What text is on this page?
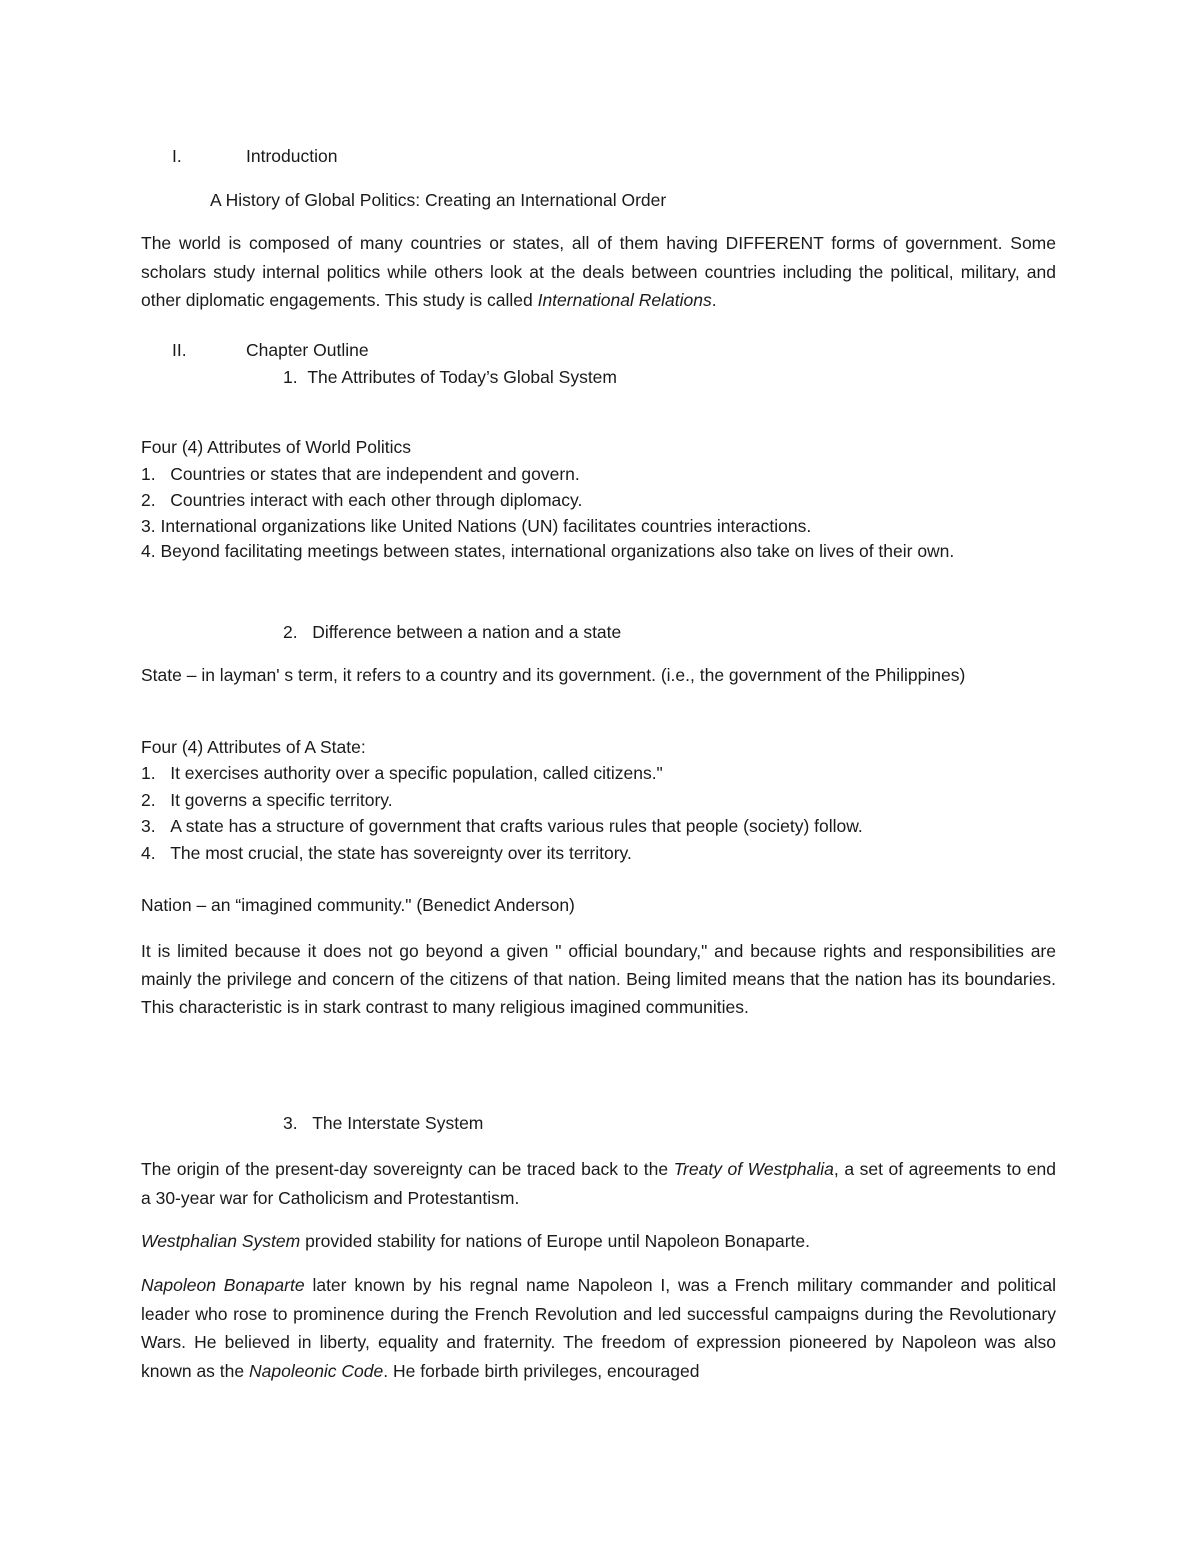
I.	Introduction
A History of Global Politics: Creating an International Order
The world is composed of many countries or states, all of them having DIFFERENT forms of government. Some scholars study internal politics while others look at the deals between countries including the political, military, and other diplomatic engagements. This study is called International Relations.
II.	Chapter Outline
1. The Attributes of Today’s Global System
Four (4) Attributes of World Politics
1. Countries or states that are independent and govern.
2. Countries interact with each other through diplomacy.
3. International organizations like United Nations (UN) facilitates countries interactions.
4. Beyond facilitating meetings between states, international organizations also take on lives of their own.
2. Difference between a nation and a state
State – in layman' s term, it refers to a country and its government. (i.e., the government of the Philippines)
Four (4) Attributes of A State:
1. It exercises authority over a specific population, called citizens."
2. It governs a specific territory.
3. A state has a structure of government that crafts various rules that people (society) follow.
4. The most crucial, the state has sovereignty over its territory.
Nation – an “imagined community." (Benedict Anderson)
It is limited because it does not go beyond a given " official boundary," and because rights and responsibilities are mainly the privilege and concern of the citizens of that nation. Being limited means that the nation has its boundaries. This characteristic is in stark contrast to many religious imagined communities.
3. The Interstate System
The origin of the present-day sovereignty can be traced back to the Treaty of Westphalia, a set of agreements to end a 30-year war for Catholicism and Protestantism.
Westphalian System provided stability for nations of Europe until Napoleon Bonaparte.
Napoleon Bonaparte later known by his regnal name Napoleon I, was a French military commander and political leader who rose to prominence during the French Revolution and led successful campaigns during the Revolutionary Wars. He believed in liberty, equality and fraternity. The freedom of expression pioneered by Napoleon was also known as the Napoleonic Code. He forbade birth privileges, encouraged
